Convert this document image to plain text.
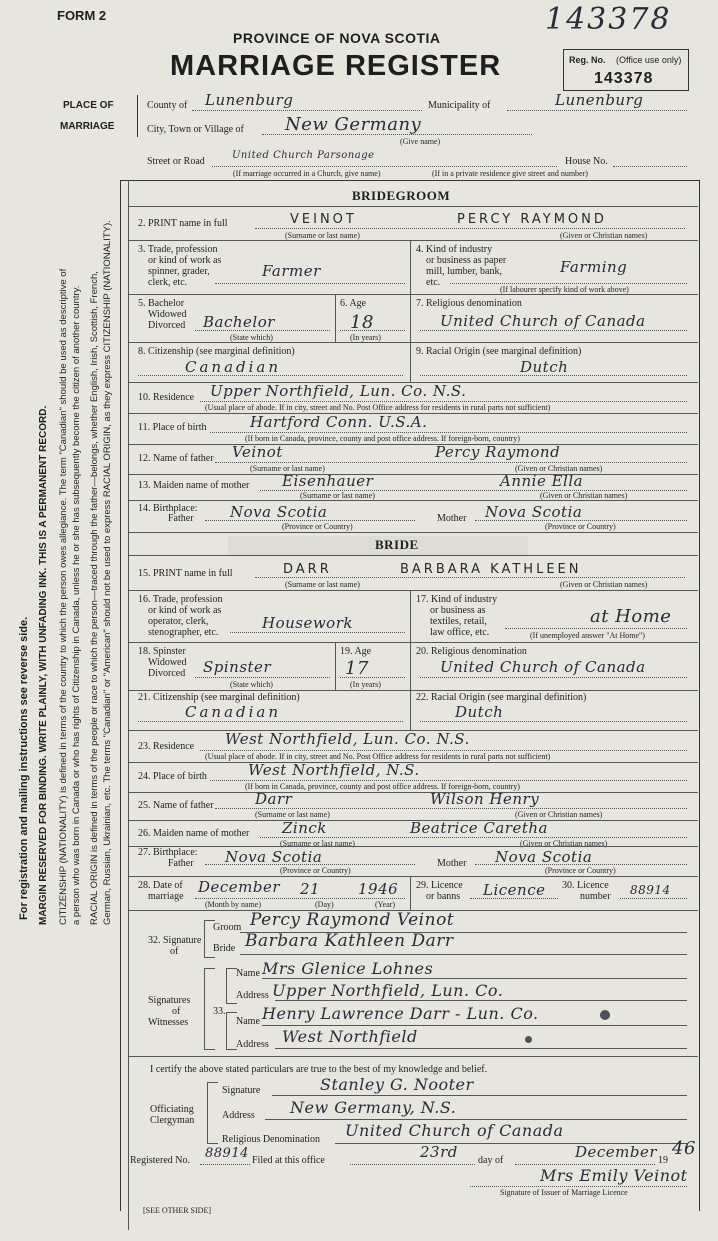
FORM 2	143378
PROVINCE OF NOVA SCOTIA
MARRIAGE REGISTER	Reg. No. (Office use only)
143378
PLACE OF
MARRIAGE
County of Lunenburg	Municipality of	Lunenburg
City, Town or Village of New Germany
(Give name)
Street or Road
United Church Parsonage
House No.
(If marriage occurred in a Church, give name)	(If in a private residence give street and number)
For registration and mailing instructions see reverse side. MARGIN RESERVED FOR BINDING. WRITE PLAINLY, WITH UNFADING INK. THIS IS A PERMANENT RECORD. CITIZENSHIP (NATIONALITY) is defined in terms of the country to which the person owes allegiance. The term "Canadian" should be used as descriptive of a person who was born in Canada or who has rights of Citizenship in Canada, unless he or she has subsequently become the citizen of another country. RACIAL ORIGIN is defined in terms of the people or race to which the person—traced through the father—belongs, whether English, Irish, Scottish, French, German, Russian, Ukrainian, etc. The terms "Canadian" or "American" should not be used to express RACIAL ORIGIN, as they express CITIZENSHIP (NATIONALITY).
BRIDEGROOM
2. PRINT name in full	VEINOT	PERCY RAYMOND
(Surname or last name)	(Given or Christian names)
3. Trade, profession
or kind of work as
spinner, grader,
clerk, etc.
Farmer
4. Kind of industry
or business as paper
mill, lumber, bank,
etc.
Farming
(If labourer specify kind of work above)
5. Bachelor
Widowed
Divorced Bachelor
(State which)
6. Age
18
(In years)
7. Religious denomination
United Church of Canada
8. Citizenship (see marginal definition)
Canadian
9. Racial Origin (see marginal definition)
Dutch
10. Residence Upper Northfield, Lun. Co. N.S.
(Usual place of abode. If in city, street and No. Post Office address for residents in rural parts not sufficient)
11. Place of birth	Hartford Conn. U.S.A.
(If born in Canada, province, county and post office address. If foreign-born, country)
12. Name of father Veinot	Percy Raymond
(Surname or last name)	(Given or Christian names)
13. Maiden name of mother Eisenhauer	Annie Ella
(Surname or last name)	(Given or Christian names)
14. Birthplace:
Father Nova Scotia
(Province or Country)
Mother Nova Scotia
(Province or Country)
BRIDE
15. PRINT name in full	DARR	BARBARA KATHLEEN
(Surname or last name)	(Given or Christian names)
16. Trade, profession
or kind of work as
operator, clerk,
stenographer, etc.
Housework
17. Kind of industry
or business as
textiles, retail,
law office, etc.
at Home
(If unemployed answer "At Home")
18. Spinster
Widowed
Divorced Spinster
(State which)
19. Age
17
(In years)
20. Religious denomination
United Church of Canada
21. Citizenship (see marginal definition)
Canadian
22. Racial Origin (see marginal definition)
Dutch
23. Residence West Northfield, Lun. Co. N.S.
(Usual place of abode. If in city, street and No. Post Office address for residents in rural parts not sufficient)
24. Place of birth	West Northfield, N.S.
(If born in Canada, province, county and post office address. If foreign-born, country)
25. Name of father	Darr	Wilson Henry
(Surname or last name)	(Given or Christian names)
26. Maiden name of mother Zinck	Beatrice Caretha
(Surname or last name)	(Given or Christian names)
27. Birthplace:
Father Nova Scotia
(Province or Country)
Mother Nova Scotia
(Province or Country)
28. Date of
marriage
December 21	1946
(Month by name)	(Day)	(Year)
29. Licence
or banns Licence 30. Licence
number 88914
32. Signature
of
Groom Percy Raymond Veinot
Bride Barbara Kathleen Darr
Signatures
of
Witnesses
33.
Name Mrs Glenice Lohnes
Address Upper Northfield, Lun. Co.
Name Henry Lawrence Darr - Lun. Co.
Address West Northfield
I certify the above stated particulars are true to the best of my knowledge and belief.
Officiating
Clergyman
Signature	Stanley G. Nooter
Address New Germany, N.S.
Religious Denomination United Church of Canada
Registered No. 88914 Filed at this office	23rd day of	December 19
46
Mrs Emily Veinot
Signature of Issuer of Marriage Licence
[SEE OTHER SIDE]
